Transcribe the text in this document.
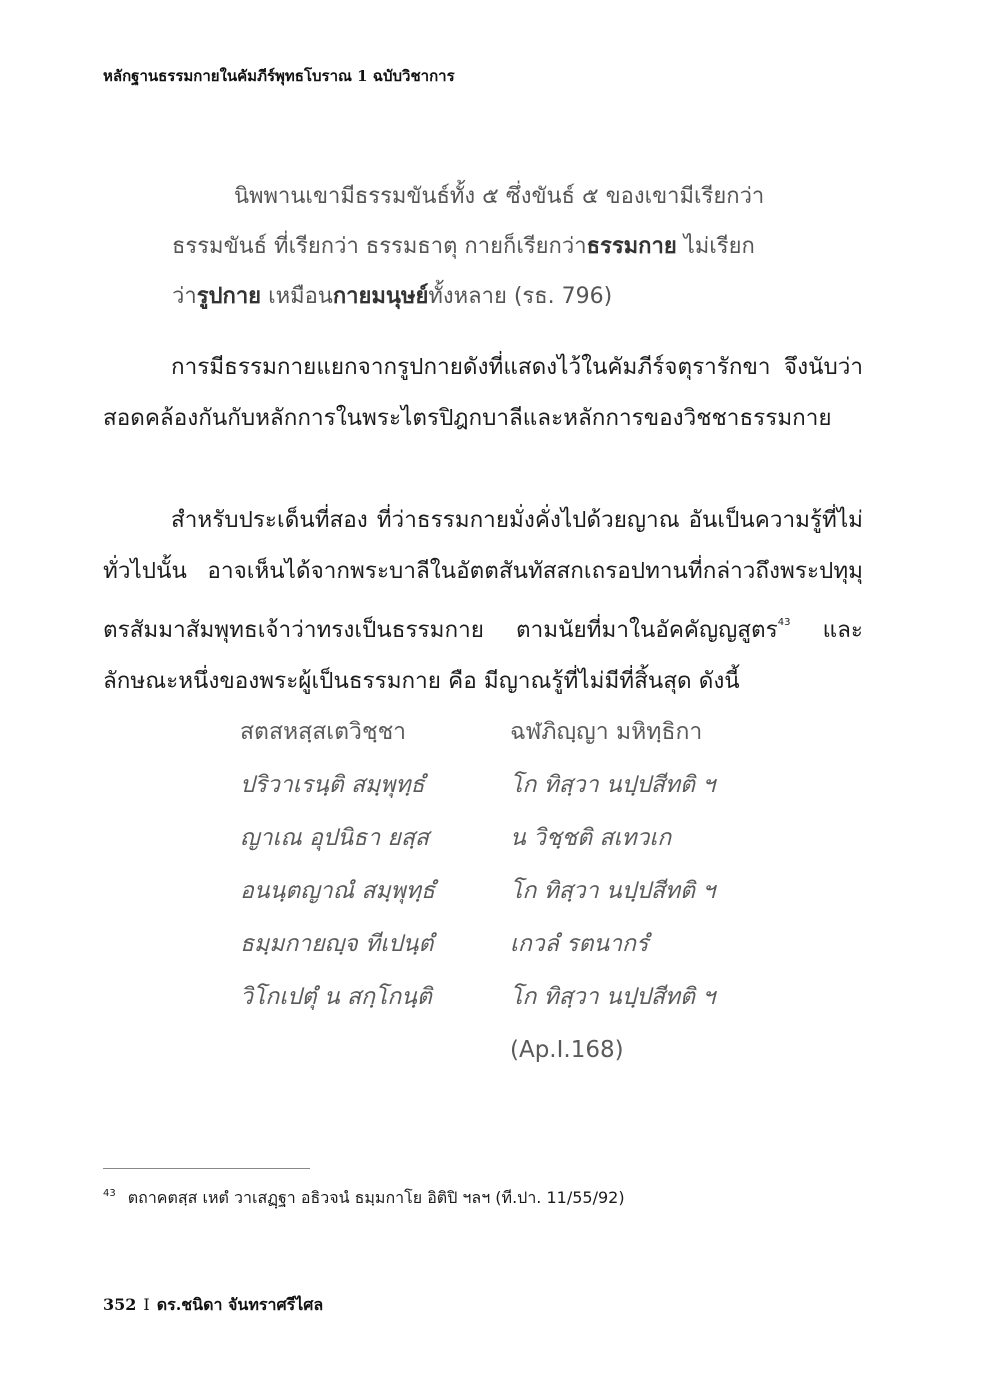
หลักฐานธรรมกายในคัมภีร์พุทธโบราณ 1 ฉบับวิชาการ

นิพพานเขามีธรรมขันธ์ทั้ง ๕ ซึ่งขันธ์ ๕ ของเขามีเรียกว่า

ธรรมขันธ์ ที่เรียกว่า ธรรมธาตุ กายก็เรียกว่าธรรมกาย ไม่เรียก

ว่ารูปกาย เหมือนกายมนุษย์ทั้งหลาย (รธ. 796)

การมีธรรมกายแยกจากรูปกายดังที่แสดงไว้ในคัมภีร์จตุรารักขา จึงนับว่าสอดคล้องกันกับหลักการในพระไตรปิฎกบาลีและหลักการของวิชชาธรรมกาย

สำหรับประเด็นที่สอง ที่ว่าธรรมกายมั่งคั่งไปด้วยญาณ อันเป็นความรู้ที่ไม่ทั่วไปนั้น อาจเห็นได้จากพระบาลีในอัตตสันทัสสกเถรอปทานที่กล่าวถึงพระปทุมุตรสัมมาสัมพุทธเจ้าว่าทรงเป็นธรรมกาย ตามนัยที่มาในอัคคัญญสูตร$^{43}$ และลักษณะหนึ่งของพระผู้เป็นธรรมกาย คือ มีญาณรู้ที่ไม่มีที่สิ้นสุด ดังนี้

สตสหสฺสเตวิชฺชา	ฉฬภิญฺญา มหิทฺธิกา
ปริวาเรนฺติ สมฺพุทฺธํ	โก ทิสฺวา นปฺปสีทติ ฯ
ญาเณ อุปนิธา ยสฺส	น วิชฺชติ สเทวเก
อนนฺตญาณํ สมฺพุทฺธํ	โก ทิสฺวา นปฺปสีทติ ฯ
ธมฺมกายญฺจ ทีเปนฺตํ	เกวลํ รตนากรํ
วิโกเปตุํ น สกฺโกนฺติ	โก ทิสฺวา นปฺปสีทติ ฯ
(Ap.I.168)
$^{43}$ ตถาคตสฺส เหตํ วาเสฏฺฐา อธิวจนํ ธมฺมกาโย อิติปิ ฯลฯ (ที.ปา. 11/55/92)
352 I ดร.ชนิดา จันทราศรีไศล
